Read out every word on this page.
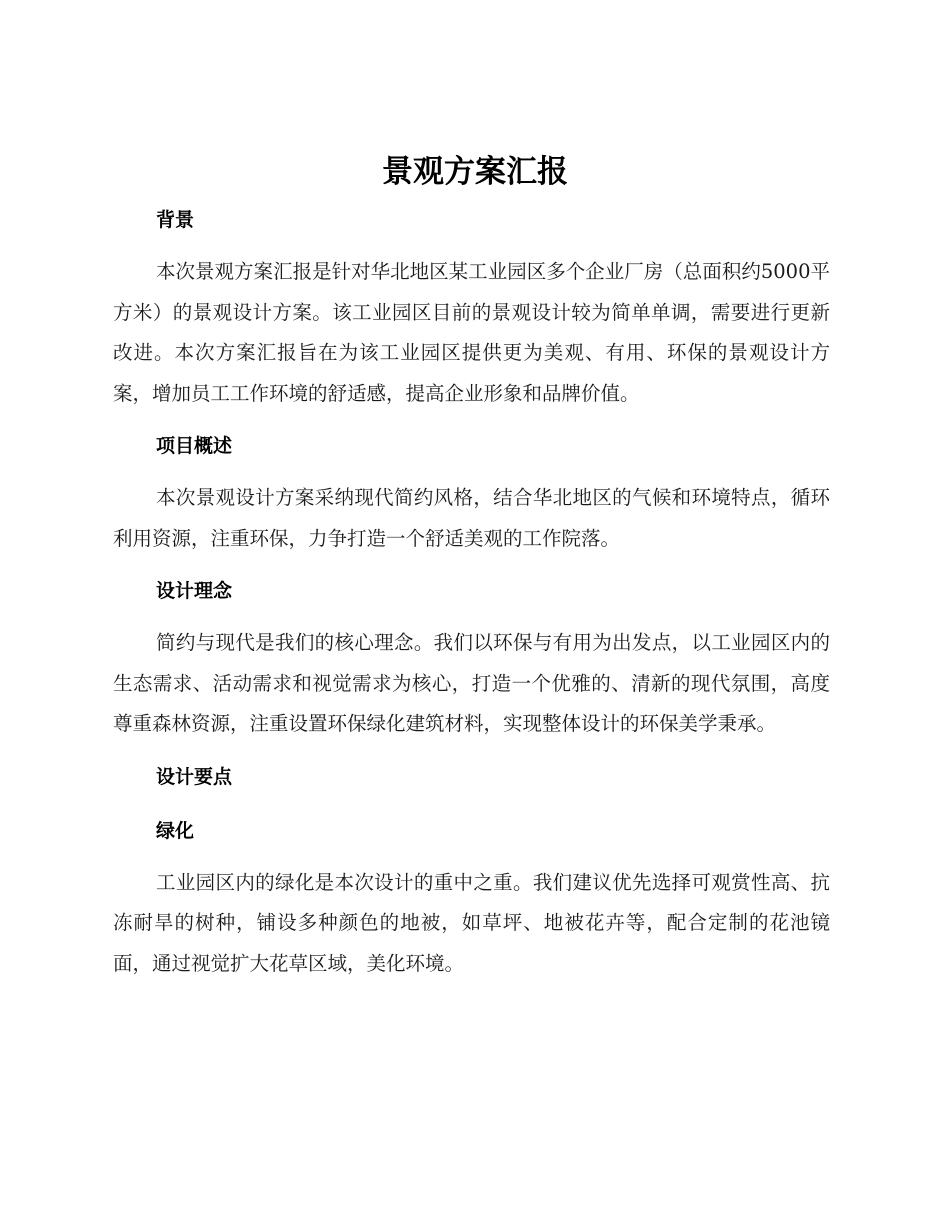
景观方案汇报
背景

本次景观方案汇报是针对华北地区某工业园区多个企业厂房（总面积约5000平方米）的景观设计方案。该工业园区目前的景观设计较为简单单调，需要进行更新改进。本次方案汇报旨在为该工业园区提供更为美观、有用、环保的景观设计方案，增加员工工作环境的舒适感，提高企业形象和品牌价值。

项目概述

本次景观设计方案采纳现代简约风格，结合华北地区的气候和环境特点，循环利用资源，注重环保，力争打造一个舒适美观的工作院落。

设计理念

简约与现代是我们的核心理念。我们以环保与有用为出发点，以工业园区内的生态需求、活动需求和视觉需求为核心，打造一个优雅的、清新的现代氛围，高度尊重森林资源，注重设置环保绿化建筑材料，实现整体设计的环保美学秉承。

设计要点
绿化

工业园区内的绿化是本次设计的重中之重。我们建议优先选择可观赏性高、抗冻耐旱的树种，铺设多种颜色的地被，如草坪、地被花卉等，配合定制的花池镜面，通过视觉扩大花草区域，美化环境。
